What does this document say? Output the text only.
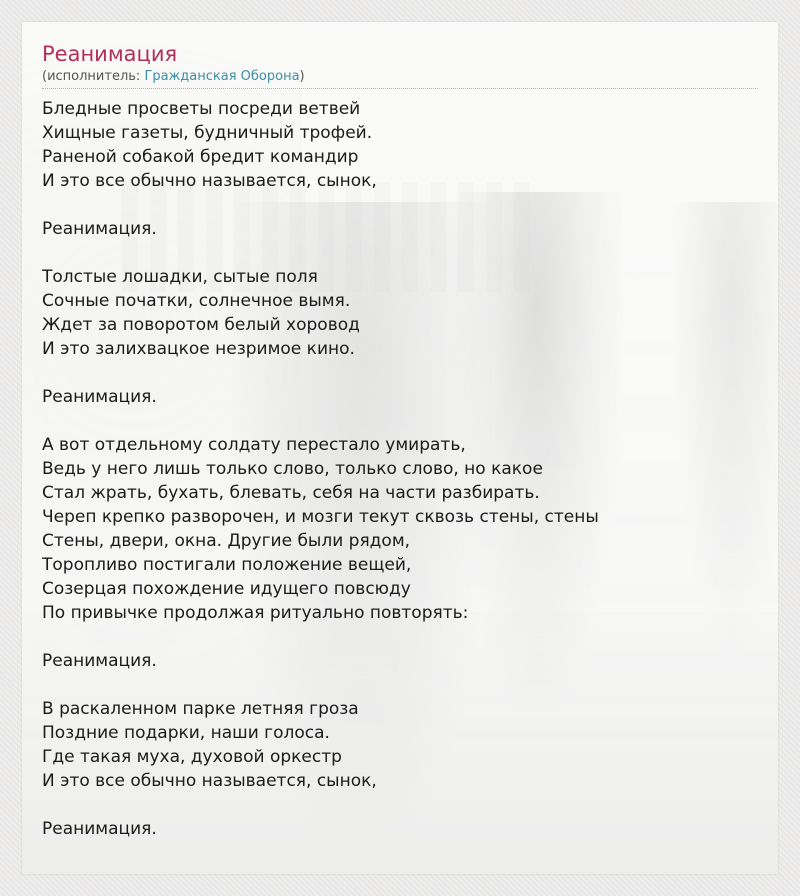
Реанимация
(исполнитель: Гражданская Оборона)
Бледные просветы посреди ветвей
Хищные газеты, будничный трофей.
Раненой собакой бредит командир
И это все обычно называется, сынок,
Реанимация.
Толстые лошадки, сытые поля
Сочные початки, солнечное вымя.
Ждет за поворотом белый хоровод
И это залихвацкое незримое кино.
Реанимация.
А вот отдельному солдату перестало умирать,
Ведь у него лишь только слово, только слово, но какое
Стал жрать, бухать, блевать, себя на части разбирать.
Череп крепко разворочен, и мозги текут сквозь стены, стены
Стены, двери, окна. Другие были рядом,
Торопливо постигали положение вещей,
Созерцая похождение идущего повсюду
По привычке продолжая ритуально повторять:
Реанимация.
В раскаленном парке летняя гроза
Поздние подарки, наши голоса.
Где такая муха, духовой оркестр
И это все обычно называется, сынок,
Реанимация.
